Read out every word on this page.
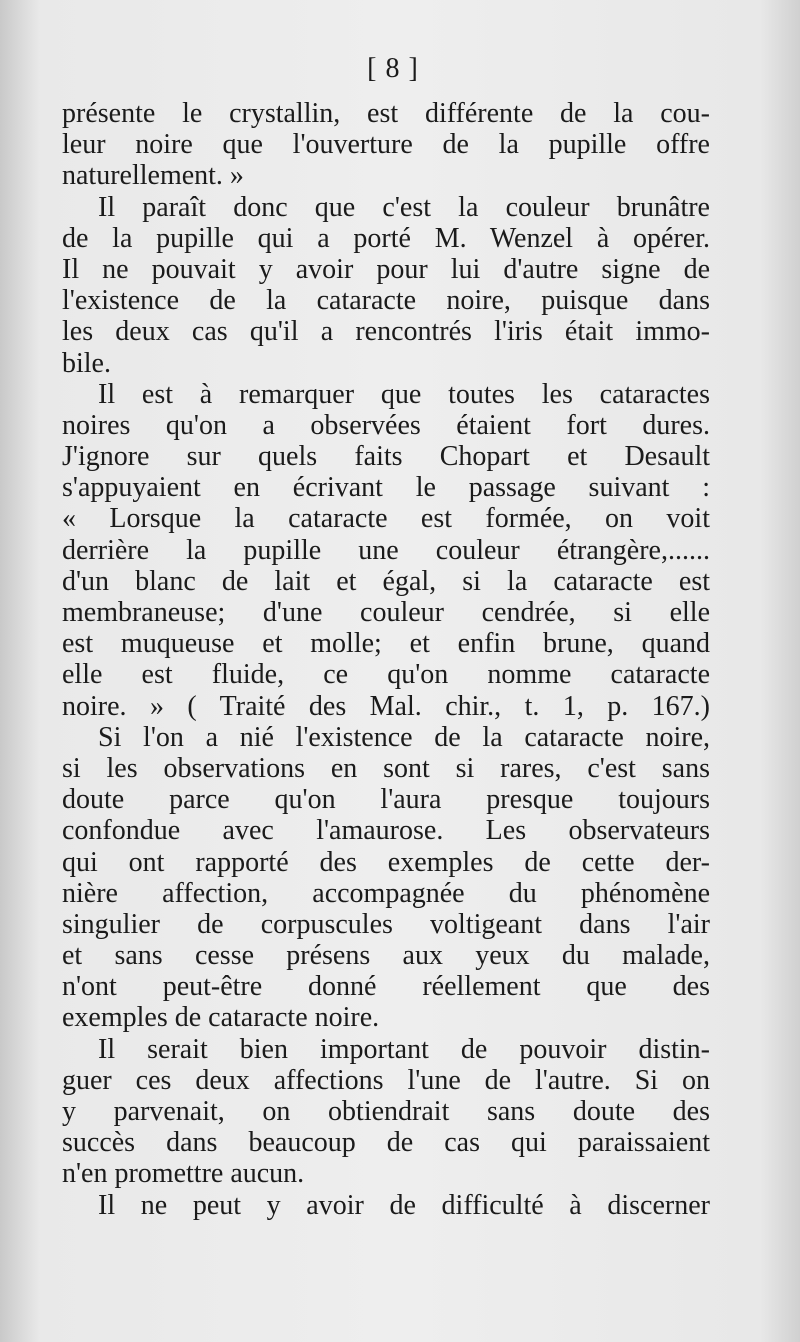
[ 8 ]
présente le crystallin, est différente de la cou-
leur noire que l'ouverture de la pupille offre
naturellement. »
Il paraît donc que c'est la couleur brunâtre
de la pupille qui a porté M. Wenzel à opérer.
Il ne pouvait y avoir pour lui d'autre signe de
l'existence de la cataracte noire, puisque dans
les deux cas qu'il a rencontrés l'iris était immo-
bile.
Il est à remarquer que toutes les cataractes
noires qu'on a observées étaient fort dures.
J'ignore sur quels faits Chopart et Desault
s'appuyaient en écrivant le passage suivant :
« Lorsque la cataracte est formée, on voit
derrière la pupille une couleur étrangère,......
d'un blanc de lait et égal, si la cataracte est
membraneuse; d'une couleur cendrée, si elle
est muqueuse et molle; et enfin brune, quand
elle est fluide, ce qu'on nomme cataracte
noire. » ( Traité des Mal. chir., t. 1, p. 167.)
Si l'on a nié l'existence de la cataracte noire,
si les observations en sont si rares, c'est sans
doute parce qu'on l'aura presque toujours
confondue avec l'amaurose. Les observateurs
qui ont rapporté des exemples de cette der-
nière affection, accompagnée du phénomène
singulier de corpuscules voltigeant dans l'air
et sans cesse présens aux yeux du malade,
n'ont peut-être donné réellement que des
exemples de cataracte noire.
Il serait bien important de pouvoir distin-
guer ces deux affections l'une de l'autre. Si on
y parvenait, on obtiendrait sans doute des
succès dans beaucoup de cas qui paraissaient
n'en promettre aucun.
Il ne peut y avoir de difficulté à discerner
